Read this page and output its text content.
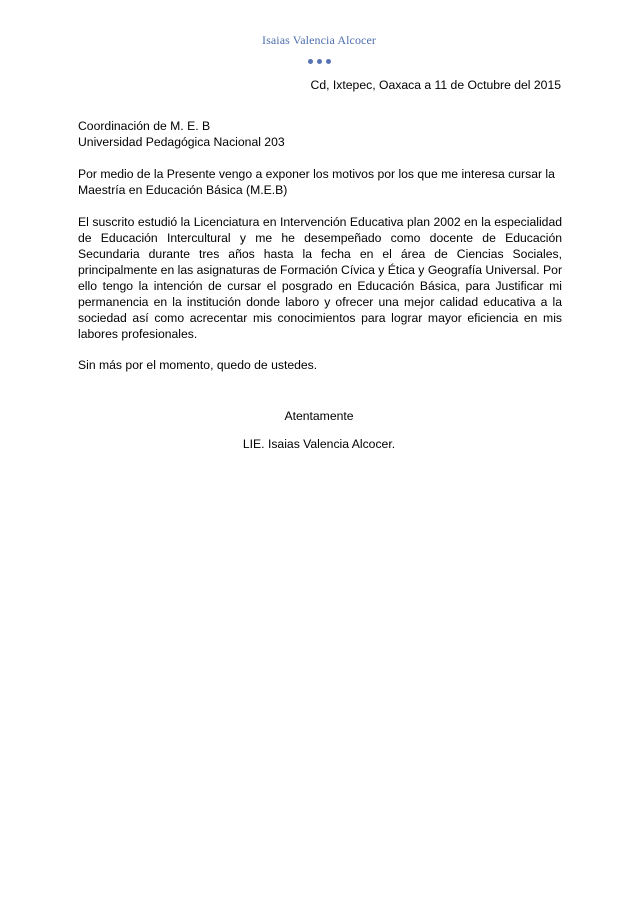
Isaias Valencia Alcocer
Cd, Ixtepec, Oaxaca a 11 de Octubre del 2015
Coordinación de M. E. B
Universidad Pedagógica Nacional 203
Por medio de la Presente vengo a exponer los motivos por los que me interesa cursar la Maestría en Educación Básica (M.E.B)
El suscrito estudió la Licenciatura en Intervención Educativa plan 2002 en la especialidad de Educación Intercultural y me he desempeñado como docente de Educación Secundaria durante tres años hasta la fecha en el área de Ciencias Sociales, principalmente en las asignaturas de Formación Cívica y Ética y Geografía Universal. Por ello tengo la intención de cursar el posgrado en Educación Básica, para Justificar mi permanencia en la institución donde laboro y ofrecer una mejor calidad educativa a la sociedad así como acrecentar mis conocimientos para lograr mayor eficiencia en mis labores profesionales.
Sin más por el momento, quedo de ustedes.
Atentamente
LIE. Isaias Valencia Alcocer.
